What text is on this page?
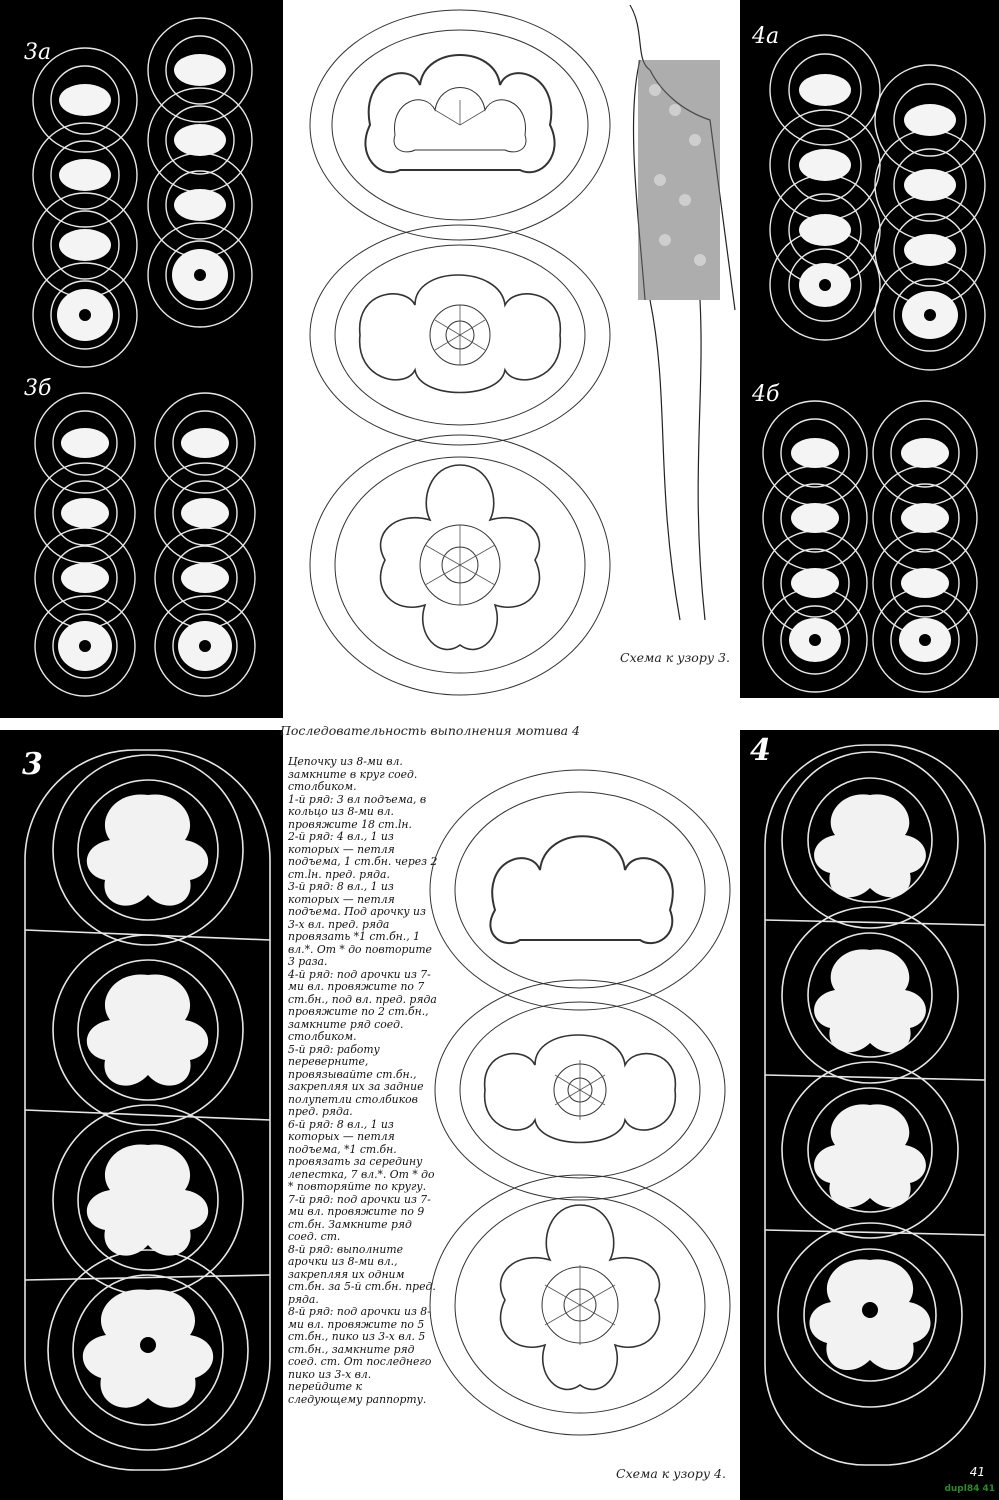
3а
3б
3
4а
4б
4
Схема к узору 3.
Последовательность выполнения мотива 4

Цепочку из 8-ми вл. замкните в круг соед. столбиком.

1-й ряд: 3 вл подъема, в кольцо из 8-ми вл. провяжите 18 ст.lн.

2-й ряд: 4 вл., 1 из которых — петля подъема, 1 ст.бн. через 2 ст.lн. пред. ряда.

3-й ряд: 8 вл., 1 из которых — петля подъема. Под арочку из 3-х вл. пред. ряда провязать *1 ст.бн., 1 вл.*. От * до повторите 3 раза.

4-й ряд: под арочки из 7-ми вл. провяжите по 7 ст.бн., под вл. пред. ряда провяжите по 2 ст.бн., замкните ряд соед. столбиком.

5-й ряд: работу переверните, провязывайте ст.бн., закрепляя их за задние полупетли столбиков пред. ряда.

6-й ряд: 8 вл., 1 из которых — петля подъема, *1 ст.бн. провязать за середину лепестка, 7 вл.*. От * до * повторяйте по кругу.

7-й ряд: под арочки из 7-ми вл. провяжите по 9 ст.бн. Замкните ряд соед. ст.

8-й ряд: выполните арочки из 8-ми вл., закрепляя их одним ст.бн. за 5-й ст.бн. пред. ряда.

8-й ряд: под арочки из 8-ми вл. провяжите по 5 ст.бн., пико из 3-х вл. 5 ст.бн., замкните ряд соед. ст. От последнего пико из 3-х вл. перейдите к следующему раппорту.

Схема к узору 4.	41
dupl84 41
